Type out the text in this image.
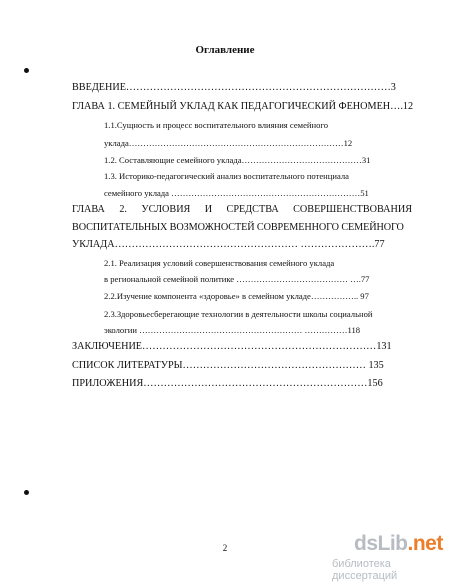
Оглавление
ВВЕДЕНИЕ……………………………………………………………………3
ГЛАВА 1. СЕМЕЙНЫЙ УКЛАД КАК ПЕДАГОГИЧЕСКИЙ ФЕНОМЕН….12
1.1.Сущность и процесс воспитательного влияния семейного
уклада…………………………………………………………………12
1.2. Составляющие семейного уклада……………………………………31
1.3. Историко-педагогический анализ воспитательного потенциала
семейного уклада …………………………………………………………51
ГЛАВА 2. УСЛОВИЯ И СРЕДСТВА СОВЕРШЕНСТВОВАНИЯ
ВОСПИТАТЕЛЬНЫХ ВОЗМОЖНОСТЕЙ СОВРЕМЕННОГО СЕМЕЙНОГО
УКЛАДА……………………………………………… ………………….77
2.1. Реализация условий совершенствования семейного уклада
в региональной семейной политике ………………………………… ….77
2.2.Изучение компонента «здоровье» в семейном укладе…………….. 97
2.3.Здоровьесберегающие технологии в деятельности школы социальной
экологии ………………………………………………… ……………118
ЗАКЛЮЧЕНИЕ……………………………………………………………131
СПИСОК ЛИТЕРАТУРЫ……………………………………………… 135
ПРИЛОЖЕНИЯ…………………………………………………………156
2	dsLib.net
библиотека диссертаций
